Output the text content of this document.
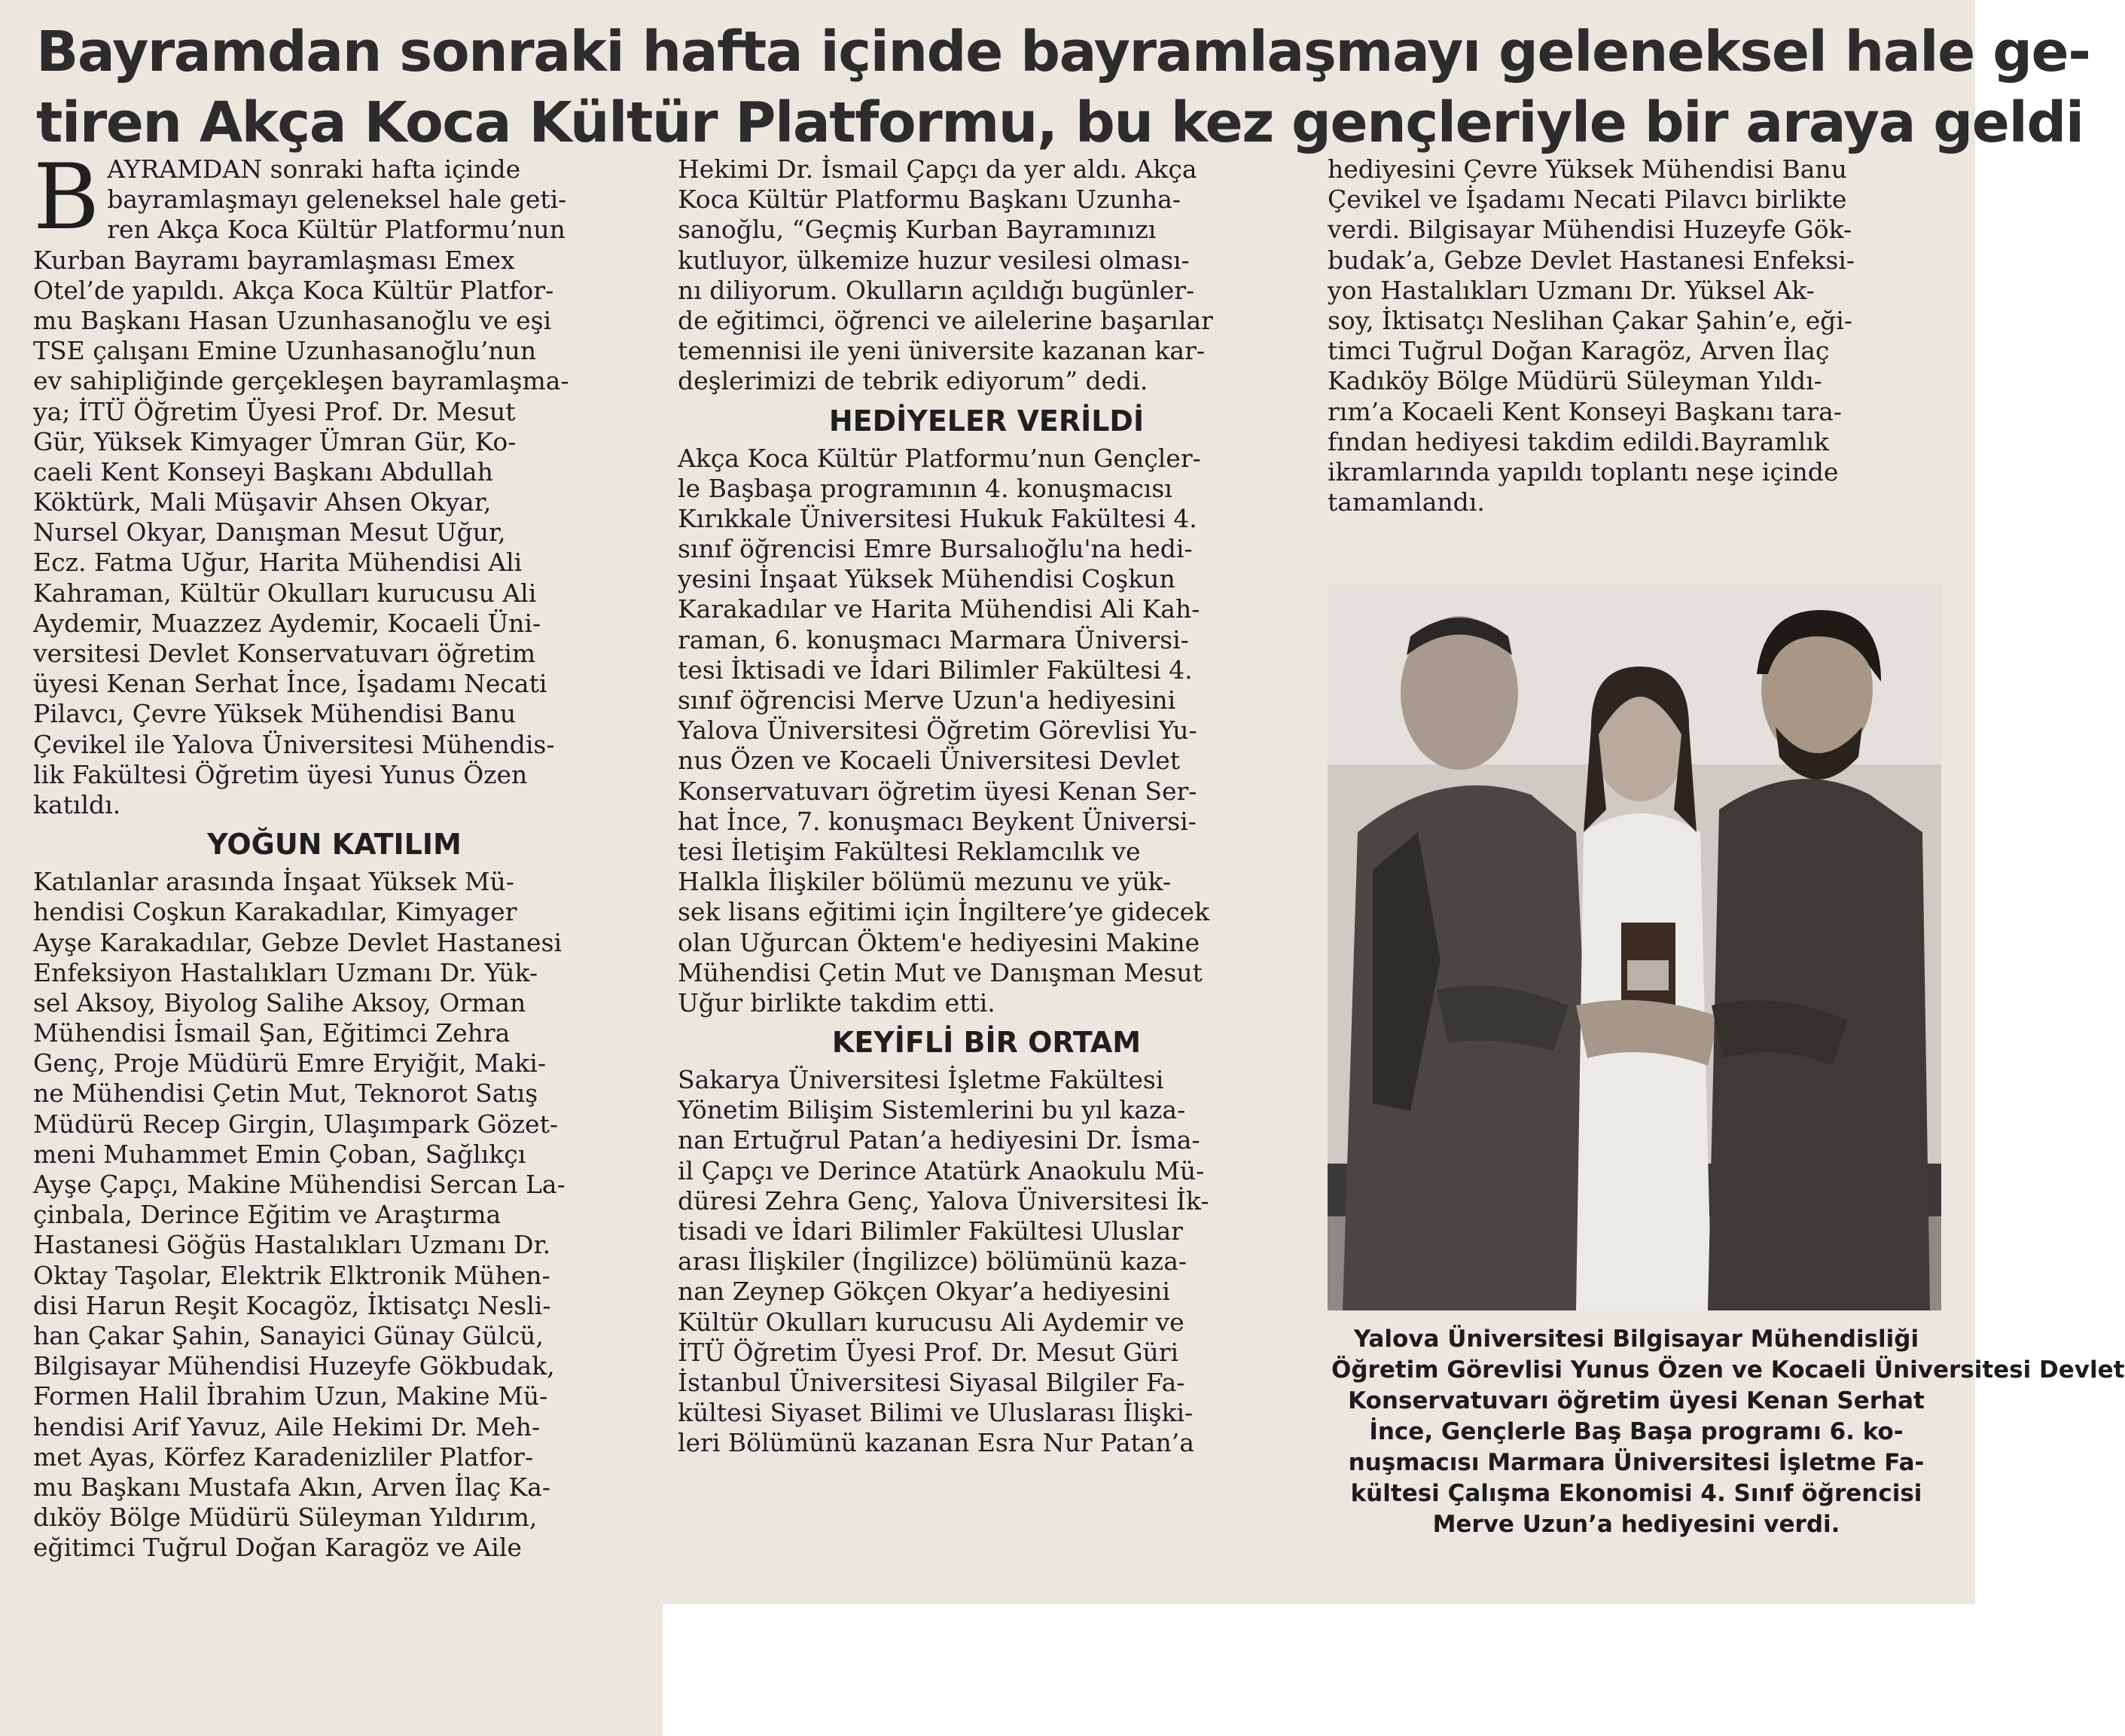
Bayramdan sonraki hafta içinde bayramlaşmayı geleneksel hale ge-
tiren Akça Koca Kültür Platformu, bu kez gençleriyle bir araya geldi
B AYRAMDAN sonraki hafta içinde
bayramlaşmayı geleneksel hale geti-
ren Akça Koca Kültür Platformu’nun
Kurban Bayramı bayramlaşması Emex
Otel’de yapıldı. Akça Koca Kültür Platfor-
mu Başkanı Hasan Uzunhasanoğlu ve eşi
TSE çalışanı Emine Uzunhasanoğlu’nun
ev sahipliğinde gerçekleşen bayramlaşma-
ya; İTÜ Öğretim Üyesi Prof. Dr. Mesut
Gür, Yüksek Kimyager Ümran Gür, Ko-
caeli Kent Konseyi Başkanı Abdullah
Köktürk, Mali Müşavir Ahsen Okyar,
Nursel Okyar, Danışman Mesut Uğur,
Ecz. Fatma Uğur, Harita Mühendisi Ali
Kahraman, Kültür Okulları kurucusu Ali
Aydemir, Muazzez Aydemir, Kocaeli Üni-
versitesi Devlet Konservatuvarı öğretim
üyesi Kenan Serhat İnce, İşadamı Necati
Pilavcı, Çevre Yüksek Mühendisi Banu
Çevikel ile Yalova Üniversitesi Mühendis-
lik Fakültesi Öğretim üyesi Yunus Özen
katıldı.
YOĞUN KATILIM
Katılanlar arasında İnşaat Yüksek Mü-
hendisi Coşkun Karakadılar, Kimyager
Ayşe Karakadılar, Gebze Devlet Hastanesi
Enfeksiyon Hastalıkları Uzmanı Dr. Yük-
sel Aksoy, Biyolog Salihe Aksoy, Orman
Mühendisi İsmail Şan, Eğitimci Zehra
Genç, Proje Müdürü Emre Eryiğit, Maki-
ne Mühendisi Çetin Mut, Teknorot Satış
Müdürü Recep Girgin, Ulaşımpark Gözet-
meni Muhammet Emin Çoban, Sağlıkçı
Ayşe Çapçı, Makine Mühendisi Sercan La-
çinbala, Derince Eğitim ve Araştırma
Hastanesi Göğüs Hastalıkları Uzmanı Dr.
Oktay Taşolar, Elektrik Elktronik Mühen-
disi Harun Reşit Kocagöz, İktisatçı Nesli-
han Çakar Şahin, Sanayici Günay Gülcü,
Bilgisayar Mühendisi Huzeyfe Gökbudak,
Formen Halil İbrahim Uzun, Makine Mü-
hendisi Arif Yavuz, Aile Hekimi Dr. Meh-
met Ayas, Körfez Karadenizliler Platfor-
mu Başkanı Mustafa Akın, Arven İlaç Ka-
dıköy Bölge Müdürü Süleyman Yıldırım,
eğitimci Tuğrul Doğan Karagöz ve Aile
Hekimi Dr. İsmail Çapçı da yer aldı. Akça
Koca Kültür Platformu Başkanı Uzunha-
sanoğlu, “Geçmiş Kurban Bayramınızı
kutluyor, ülkemize huzur vesilesi olması-
nı diliyorum. Okulların açıldığı bugünler-
de eğitimci, öğrenci ve ailelerine başarılar
temennisi ile yeni üniversite kazanan kar-
deşlerimizi de tebrik ediyorum” dedi.
HEDİYELER VERİLDİ
Akça Koca Kültür Platformu’nun Gençler-
le Başbaşa programının 4. konuşmacısı
Kırıkkale Üniversitesi Hukuk Fakültesi 4.
sınıf öğrencisi Emre Bursalıoğlu'na hedi-
yesini İnşaat Yüksek Mühendisi Coşkun
Karakadılar ve Harita Mühendisi Ali Kah-
raman, 6. konuşmacı Marmara Üniversi-
tesi İktisadi ve İdari Bilimler Fakültesi 4.
sınıf öğrencisi Merve Uzun'a hediyesini
Yalova Üniversitesi Öğretim Görevlisi Yu-
nus Özen ve Kocaeli Üniversitesi Devlet
Konservatuvarı öğretim üyesi Kenan Ser-
hat İnce, 7. konuşmacı Beykent Üniversi-
tesi İletişim Fakültesi Reklamcılık ve
Halkla İlişkiler bölümü mezunu ve yük-
sek lisans eğitimi için İngiltere’ye gidecek
olan Uğurcan Öktem'e hediyesini Makine
Mühendisi Çetin Mut ve Danışman Mesut
Uğur birlikte takdim etti.
KEYİFLİ BİR ORTAM
Sakarya Üniversitesi İşletme Fakültesi
Yönetim Bilişim Sistemlerini bu yıl kaza-
nan Ertuğrul Patan’a hediyesini Dr. İsma-
il Çapçı ve Derince Atatürk Anaokulu Mü-
düresi Zehra Genç, Yalova Üniversitesi İk-
tisadi ve İdari Bilimler Fakültesi Uluslar
arası İlişkiler (İngilizce) bölümünü kaza-
nan Zeynep Gökçen Okyar’a hediyesini
Kültür Okulları kurucusu Ali Aydemir ve
İTÜ Öğretim Üyesi Prof. Dr. Mesut Güri
İstanbul Üniversitesi Siyasal Bilgiler Fa-
kültesi Siyaset Bilimi ve Uluslarası İlişki-
leri Bölümünü kazanan Esra Nur Patan’a
hediyesini Çevre Yüksek Mühendisi Banu
Çevikel ve İşadamı Necati Pilavcı birlikte
verdi. Bilgisayar Mühendisi Huzeyfe Gök-
budak’a, Gebze Devlet Hastanesi Enfeksi-
yon Hastalıkları Uzmanı Dr. Yüksel Ak-
soy, İktisatçı Neslihan Çakar Şahin’e, eği-
timci Tuğrul Doğan Karagöz, Arven İlaç
Kadıköy Bölge Müdürü Süleyman Yıldı-
rım’a Kocaeli Kent Konseyi Başkanı tara-
fından hediyesi takdim edildi.Bayramlık
ikramlarında yapıldı toplantı neşe içinde
tamamlandı.
Yalova Üniversitesi Bilgisayar Mühendisliği
Öğretim Görevlisi Yunus Özen ve Kocaeli Üniversitesi Devlet
Konservatuvarı öğretim üyesi Kenan Serhat
İnce, Gençlerle Baş Başa programı 6. ko-
nuşmacısı Marmara Üniversitesi İşletme Fa-
kültesi Çalışma Ekonomisi 4. Sınıf öğrencisi
Merve Uzun’a hediyesini verdi.
